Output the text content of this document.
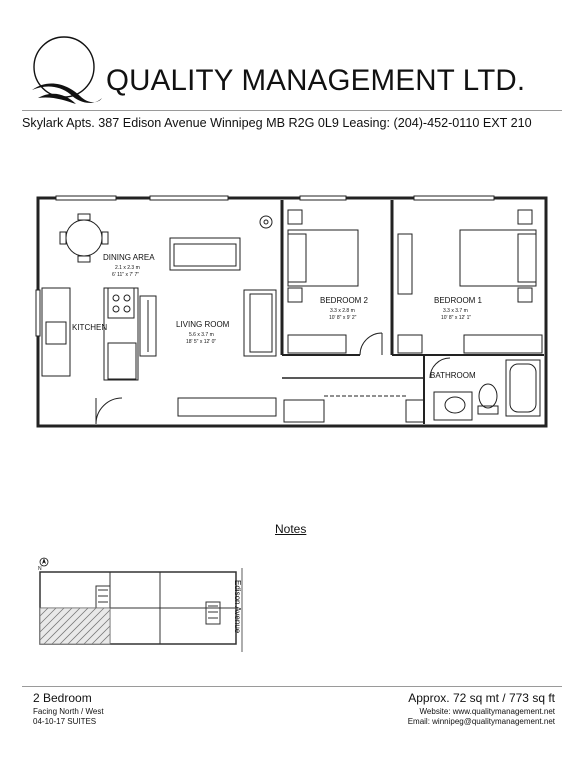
QUALITY MANAGEMENT LTD.
Skylark Apts. 387 Edison Avenue Winnipeg MB R2G 0L9 Leasing: (204)-452-0110 EXT 210
DINING AREA
2.1 x 2.3 m
6' 11" x 7' 7"
KITCHEN	LIVING ROOM
5.6 x 3.7 m
18' 5" x 12' 0"
BEDROOM 2
3.3 x 2.8 m
10' 8" x 9' 2"
BEDROOM 1
3.3 x 3.7 m
10' 8" x 12' 1"
BATHROOM
Notes
N
Edison Avenue
2 Bedroom
Facing North / West
04-10-17 SUITES
Approx. 72 sq mt / 773 sq ft
Website: www.qualitymanagement.net
Email: winnipeg@qualitymanagement.net
